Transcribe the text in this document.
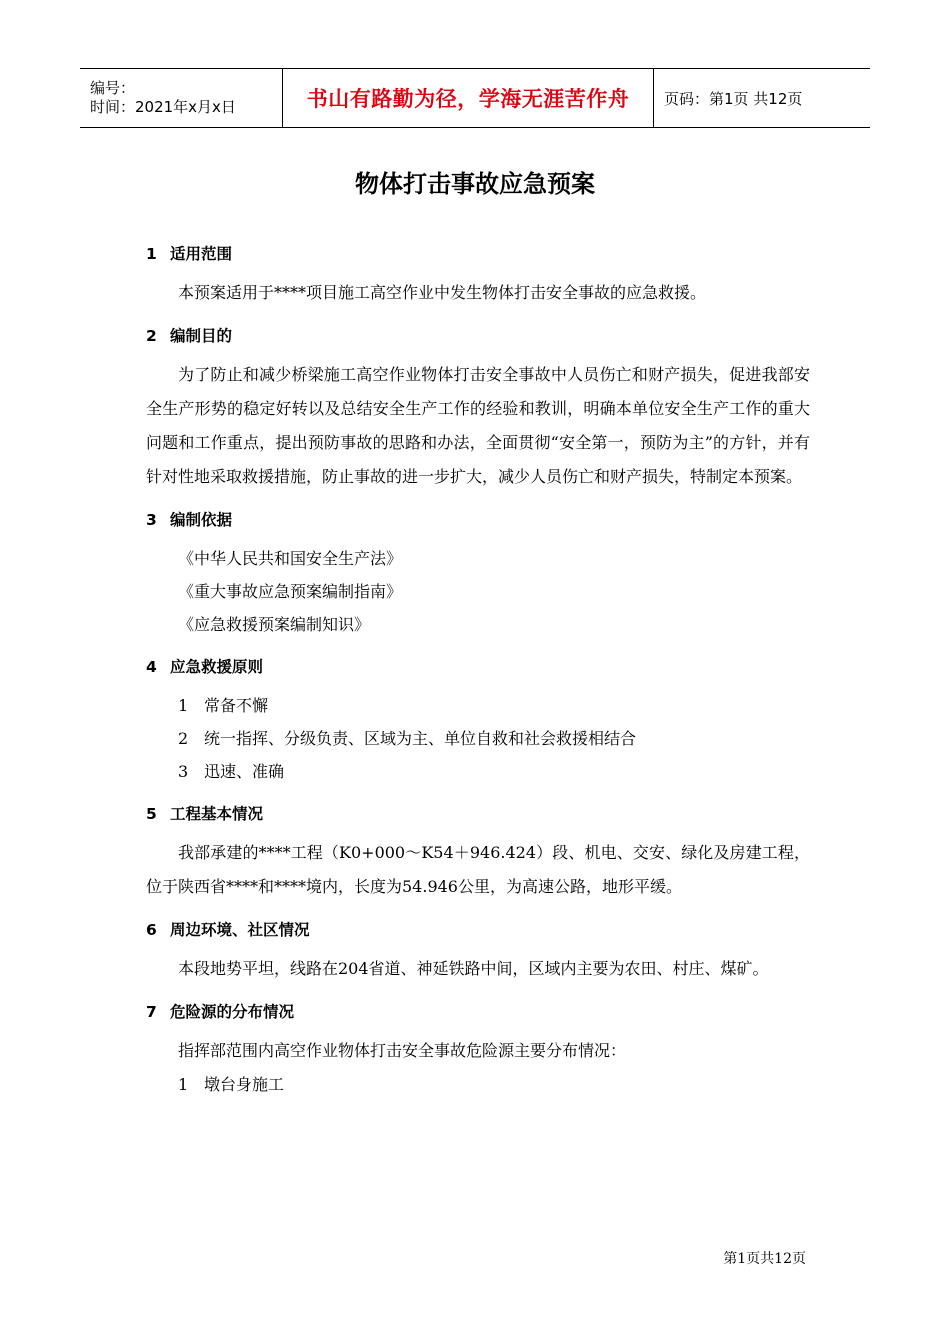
编号：
时间：2021年x月x日	书山有路勤为径，学海无涯苦作舟 页码：第1页 共12页
物体打击事故应急预案
1 适用范围

本预案适用于****项目施工高空作业中发生物体打击安全事故的应急救援。

2 编制目的

为了防止和减少桥梁施工高空作业物体打击安全事故中人员伤亡和财产损失，促进我部安全生产形势的稳定好转以及总结安全生产工作的经验和教训，明确本单位安全生产工作的重大问题和工作重点，提出预防事故的思路和办法，全面贯彻“安全第一，预防为主”的方针，并有针对性地采取救援措施，防止事故的进一步扩大，减少人员伤亡和财产损失，特制定本预案。

3 编制依据
《中华人民共和国安全生产法》
《重大事故应急预案编制指南》
《应急救援预案编制知识》
4 应急救援原则
1 常备不懈
2 统一指挥、分级负责、区域为主、单位自救和社会救援相结合
3 迅速、准确
5 工程基本情况

我部承建的****工程（K0+000～K54＋946.424）段、机电、交安、绿化及房建工程，位于陕西省****和****境内，长度为54.946公里，为高速公路，地形平缓。

6 周边环境、社区情况

本段地势平坦，线路在204省道、神延铁路中间，区域内主要为农田、村庄、煤矿。

7 危险源的分布情况

指挥部范围内高空作业物体打击安全事故危险源主要分布情况：

1 墩台身施工
第1页共12页
